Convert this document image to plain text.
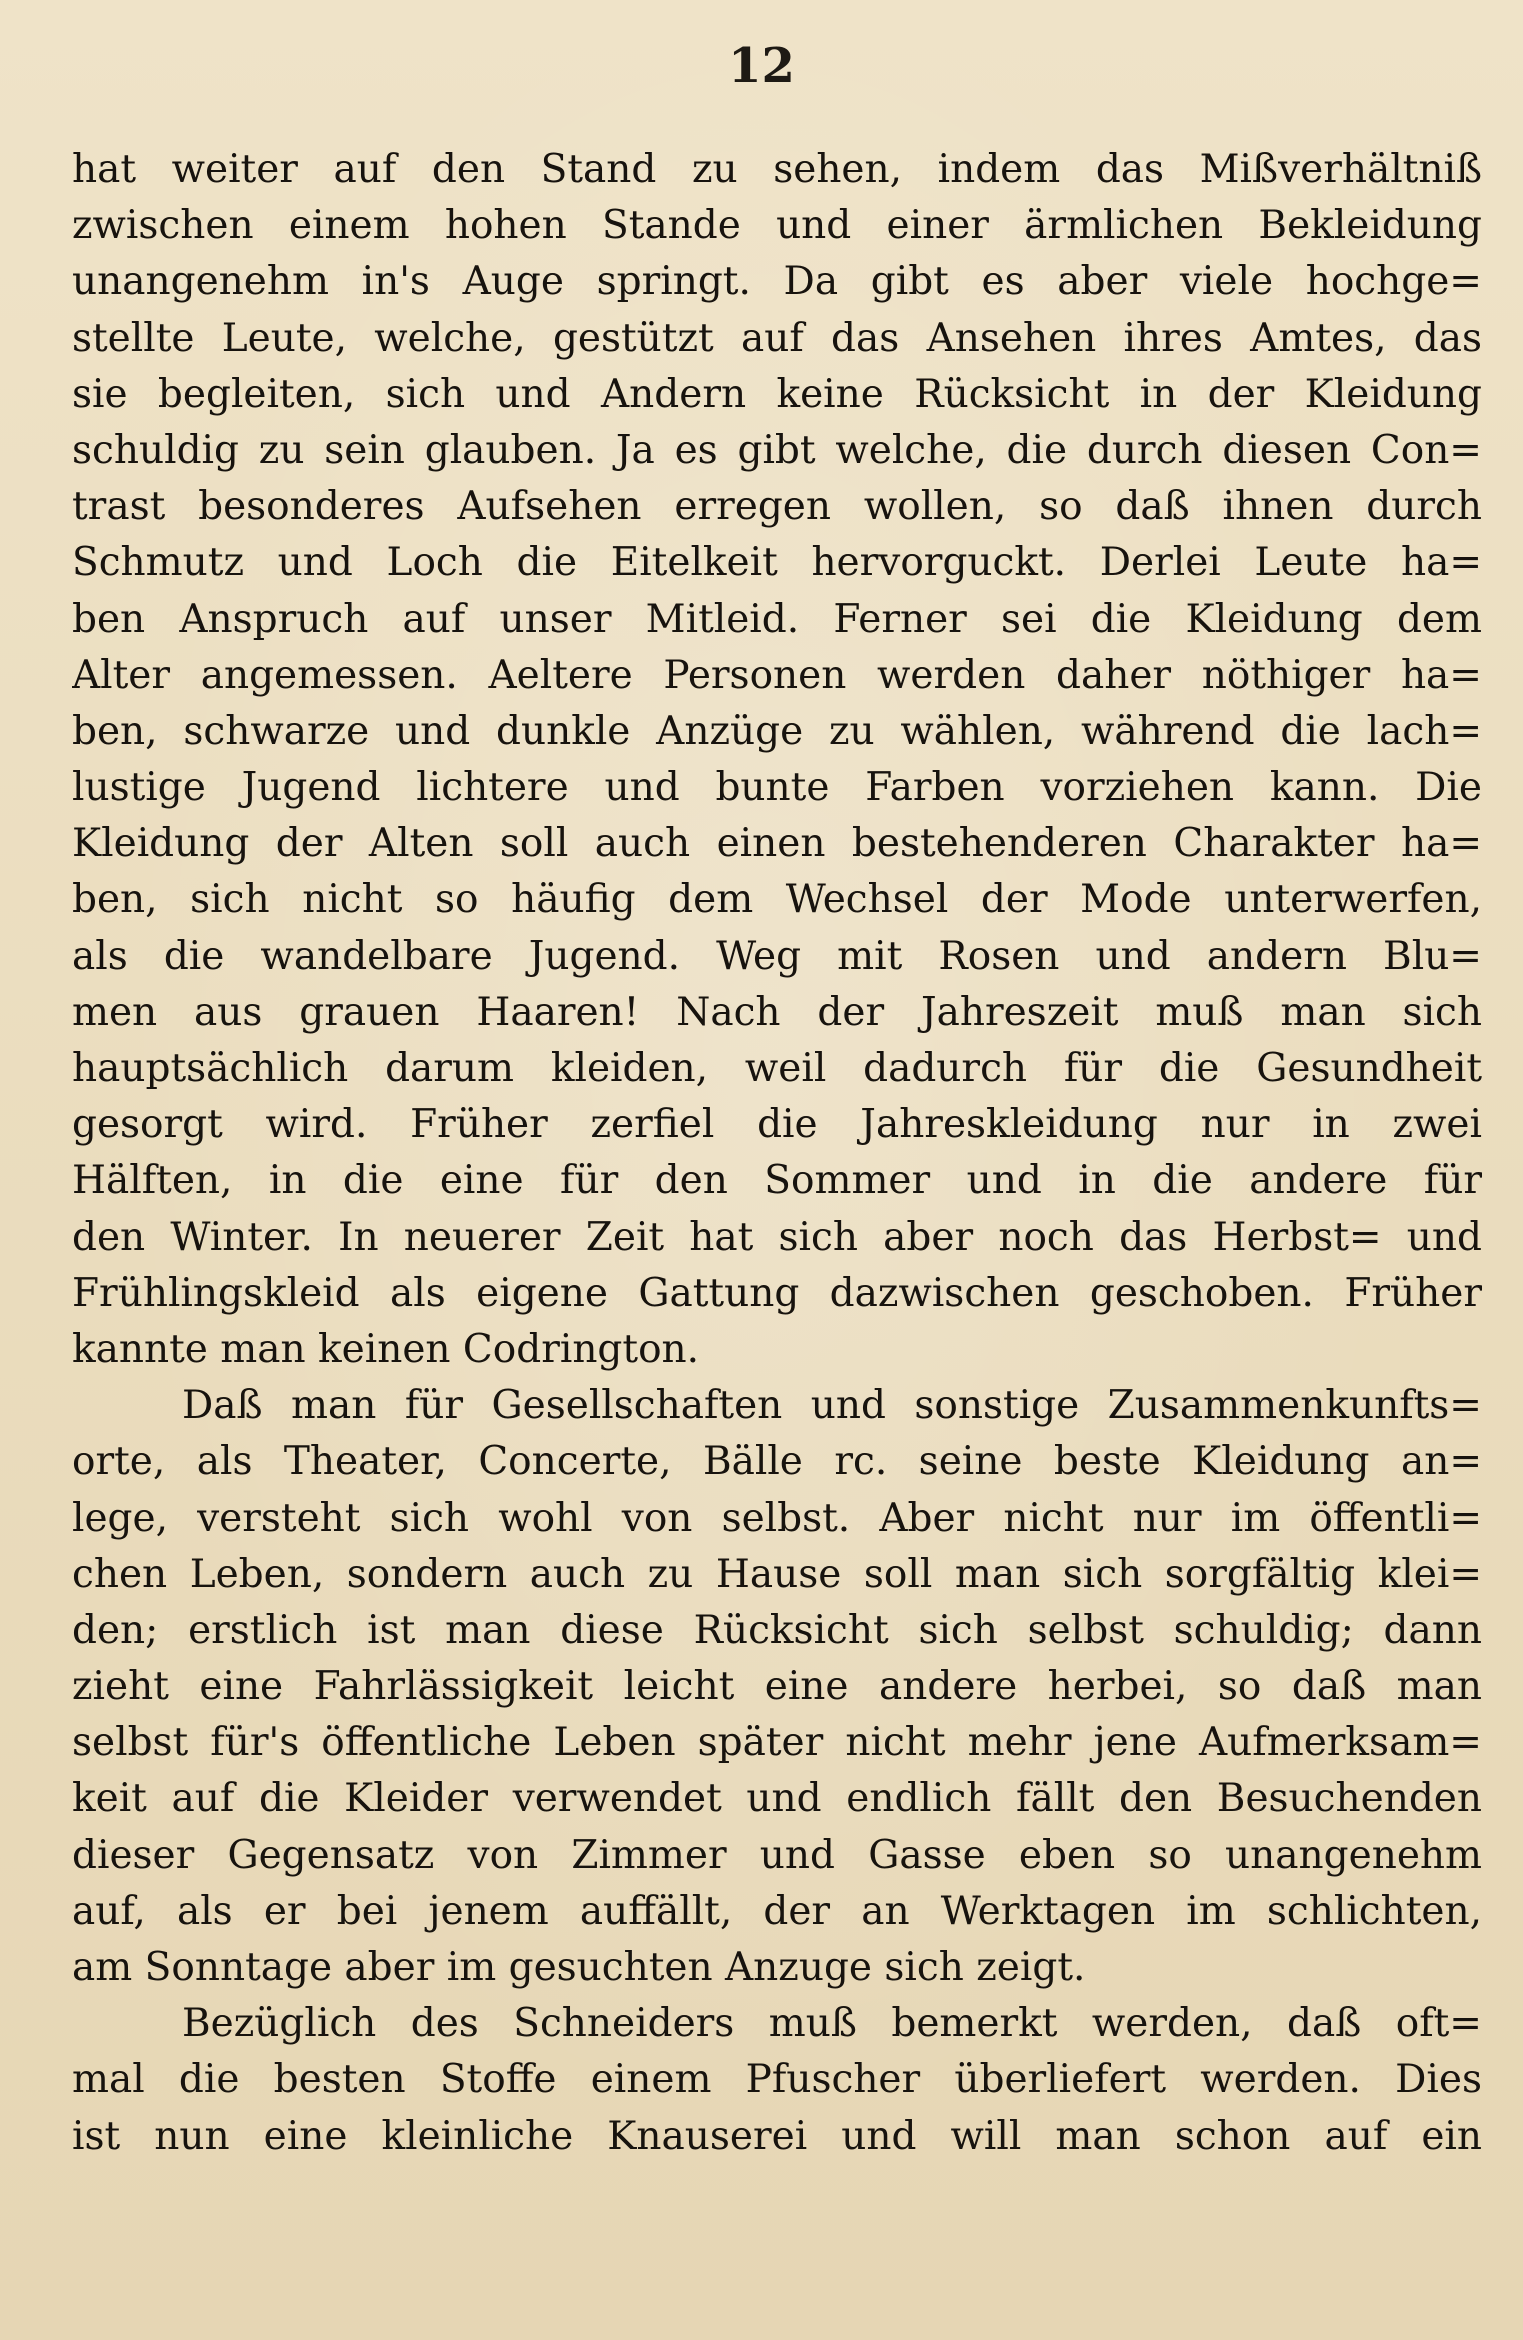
12
hat weiter auf den Stand zu sehen, indem das Mißverhältniß
zwischen einem hohen Stande und einer ärmlichen Bekleidung
unangenehm in's Auge springt. Da gibt es aber viele hochge=
stellte Leute, welche, gestützt auf das Ansehen ihres Amtes, das
sie begleiten, sich und Andern keine Rücksicht in der Kleidung
schuldig zu sein glauben. Ja es gibt welche, die durch diesen Con=
trast besonderes Aufsehen erregen wollen, so daß ihnen durch
Schmutz und Loch die Eitelkeit hervorguckt. Derlei Leute ha=
ben Anspruch auf unser Mitleid. Ferner sei die Kleidung dem
Alter angemessen. Aeltere Personen werden daher nöthiger ha=
ben, schwarze und dunkle Anzüge zu wählen, während die lach=
lustige Jugend lichtere und bunte Farben vorziehen kann. Die
Kleidung der Alten soll auch einen bestehenderen Charakter ha=
ben, sich nicht so häufig dem Wechsel der Mode unterwerfen,
als die wandelbare Jugend. Weg mit Rosen und andern Blu=
men aus grauen Haaren! Nach der Jahreszeit muß man sich
hauptsächlich darum kleiden, weil dadurch für die Gesundheit
gesorgt wird. Früher zerfiel die Jahreskleidung nur in zwei
Hälften, in die eine für den Sommer und in die andere für
den Winter. In neuerer Zeit hat sich aber noch das Herbst= und
Frühlingskleid als eigene Gattung dazwischen geschoben. Früher
kannte man keinen Codrington.
Daß man für Gesellschaften und sonstige Zusammenkunfts=
orte, als Theater, Concerte, Bälle rc. seine beste Kleidung an=
lege, versteht sich wohl von selbst. Aber nicht nur im öffentli=
chen Leben, sondern auch zu Hause soll man sich sorgfältig klei=
den; erstlich ist man diese Rücksicht sich selbst schuldig; dann
zieht eine Fahrlässigkeit leicht eine andere herbei, so daß man
selbst für's öffentliche Leben später nicht mehr jene Aufmerksam=
keit auf die Kleider verwendet und endlich fällt den Besuchenden
dieser Gegensatz von Zimmer und Gasse eben so unangenehm
auf, als er bei jenem auffällt, der an Werktagen im schlichten,
am Sonntage aber im gesuchten Anzuge sich zeigt.
Bezüglich des Schneiders muß bemerkt werden, daß oft=
mal die besten Stoffe einem Pfuscher überliefert werden. Dies
ist nun eine kleinliche Knauserei und will man schon auf ein
